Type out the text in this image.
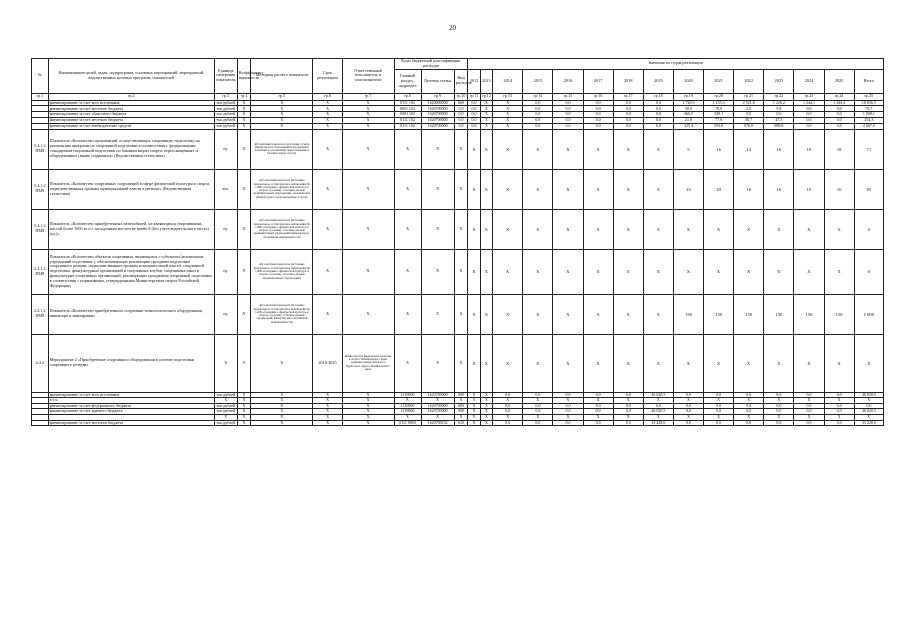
20
№	Наименование целей, задач, подпрограмм, основных мероприятий, мероприятий, ведомственных целевых программ, показателей	Единица измерения показателя	Коэффициент значимости	Методика расчета показателя	Срок реализации	Ответственный исполнитель и соисполнители	Коды бюджетной классификации расходов			Значения по годам реализации														
							Главный раздел, подраздел	Целевая статья	Вид расходов	2012	2013	2014	2015	2016	2017	2018	2019	2020	2021	2022	2023	2024	2025	Итого
гр.1	гр.2	гр.3	гр.4	гр.5	гр.6	гр.7	гр.8	гр.9	гр.10	гр.11	гр.12	гр.13	гр.14	гр.15	гр.16	гр.17	гр.18	гр.19	гр.20	гр.21	гр.22	гр.23	гр.24	гр.25
	финансирование за счет всех источников	тыс.рублей	Х	Х	Х	Х	0111 102	1620000000	600	0,0	Х	Х	0,0	0,0	0,0	0,0	0,0	1 720,5	1 155,3	2 521,6	1 226,2	1 244,1	1 244,4	10 836,5
	финансирование за счет местного бюджета	тыс.рублей	Х	Х	Х	Х	0001 102	1620700000	0,0	0,0	Х	Х	0,0	0,0	0,0	0,0	0,0	30,0	78,9	2,0	9,8	0,0	0,0	79,7
	финансирование за счет областного бюджета	тыс.рублей	Х	Х	Х	Х	0003 102	1620700000	0,0	0,0	Х	Х	0,0	0,0	0,0	0,0	0,0	366,5	349,1	0,0	0,0	0,0	0,0	1 098,1
	финансирование за счет местного бюджета	тыс.рублей	Х	Х	Х	Х	0111 102	1620700000	0,0	0,0	Х	Х	0,0	0,0	0,0	0,0	0,0	21,8	77,6	30,7	47,3	0,0	0,0	254,3
	финансирование за счет внебюджетных средств	тыс.рублей	Х	Х	Х	Х	0111 102	1620700000	0,0	0,0	Х	Х	0,0	0,0	0,0	0,0	0,0	325,4	593,8	870,0	888,0	0,0	0,0	2 067,0
2.4.1.2 ПМ8	Показатель «Количество организаций, осуществляющих спортивную подготовку на реализацию программ по спортивной подготовке в соответствии с федеральными стандартами спортивной подготовки по базовым видам спорта, переоснащённых и оборудованных (вновь созданных)» (Ведомственная статистика)	ед.	Х	Абсолютный показатель (источник: отчеты Министерства образования и молодежной политики по реализации переоснащения в базовых видах спорта)	Х	Х	Х	Х	Х	Х	Х	Х	Х	Х	Х	Х	Х	5	16	14	16	16	18	71
2.4.1.2 ПМ9	Показатель «Количество спортивных сооружений в сфере физической культуры и спорта, подведомственных органам муниципальной власти в регионе» (Ведомственная статистика)	чел.	Х	Абсолютный показатель (источник: федеральное статистическое наблюдение № 1-ФК «Сведения о физической культуре и спорте» (годовая), отчетные данные муниципальных образований, оказывающих физкультурно-оздоровительные услуги)	Х	Х	Х	Х	Х	Х	Х	Х	Х	Х	Х	Х	Х	25	20	10	16	10	10	85
2.4.1.2 ПМ8	Показатель «Количество приобретенных автомобилей, не являющихся спортивными, массой более 3500 кг и с посадочным местом не менее 8 (без учета водительского места) (ед.)»	ед.	Х	Абсолютный показатель (источник: федеральное статистическое наблюдение № 1-ФК «Сведения о физической культуре и спорте» (годовая), отчетные данные муниципальных учреждений физкультурно-спортивной направленности)	Х	Х	Х	Х	Х	Х	Х	Х	Х	Х	Х	Х	Х	Х	Х	Х	Х	Х	Х	0
2.4.1.2 ПМ8	Показатель «Количество объектов спортивных, являющихся с субъектом (исключение учреждений подготовки ), обеспечивающих реализацию программ подготовки спортивного резерва, подведомственных органам исполнительной власти, спортивной подготовки, физкультурных организаций и спортивных клубов, спортивных школ и физкультурно-спортивных организаций, реализующих программы спортивной подготовки, в соответствии с нормативами, утвержденными Министерством спорта Российской Федерации»	ед.	Х	Абсолютный показатель (источник: федеральное статистическое наблюдение № 1-ФК «Сведения о физической культуре и спорте» (годовая), отчетные данные муниципальных учреждений)	Х	Х	Х	Х	Х	Х	Х	Х	Х	Х	Х	Х	Х	Х	Х	Х	Х	Х	Х	0
2.4.1.2 ПМ8	Показатель «Количество приобретенного спортивно-технологического оборудования, инвентаря и экипировки»	ед.	Х	Абсолютный показатель (источник: федеральное статистическое наблюдение № 1-ФК «Сведения о физической культуре и спорте» (годовая), отчетные данные организаций, физкультурно-спортивной направленности)	Х	Х	Х	Х	Х	Х	Х	Х	Х	Х	Х	Х	Х	150	150	150	150	150	150	1 000
2.4.2	Мероприятие 2 «Приобретение спортивного оборудования в системе подготовки спортивного резерва»	Х	Х	Х	2016-2025	Министерство физической культуры и спорта Забайкальского края, Администрация Агинского Бурятского округа Забайкальского края	Х	Х	Х	Х	Х	Х	Х	Х	Х	Х	Х	Х	Х	Х	Х	Х	Х	Х
	финансирование за счет всех источников	тыс.рублей	Х	Х	Х	Х	1110000	1620700000	000	Х	Х	0,0	0,0	0,0	0,0	0,0	46 020,5	0,0	0,0	0,0	0,0	0,0	0,0	46 020,5
	в т.ч.	Х	Х	Х	Х	Х	Х	Х	Х	Х	Х	Х	Х	Х	Х	Х	Х	Х	Х	Х	Х	Х	Х	Х
	финансирование за счет федерального бюджета	тыс.рублей	Х	Х	Х	Х	1110000	1620700000	000	Х	Х	0,0	0,0	0,0	0,0	0,0	0,0	0,0	0,0	0,0	0,0	0,0	0,0	0,0
	финансирование за счет краевого бюджета	тыс.рублей	Х	Х	Х	Х	1110000	1620700000	000	Х	Х	0,0	0,0	0,0	0,0	0,0	46 020,5	0,0	0,0	0,0	0,0	0,0	0,0	46 020,5
		Х	Х	Х	Х	Х	Х	Х	Х	Х	Х	Х	Х	Х	Х	Х	Х	Х	Х	Х	Х	Х	Х	Х
	финансирование за счет местного бюджета	тыс.рублей	Х	Х	Х	Х	0111 0003	1620700102	610	Х	Х	0,0	0,0	0,0	0,0	0,0	33 228,6	0,0	0,0	0,0	0,0	0,0	0,0	33 228,6
